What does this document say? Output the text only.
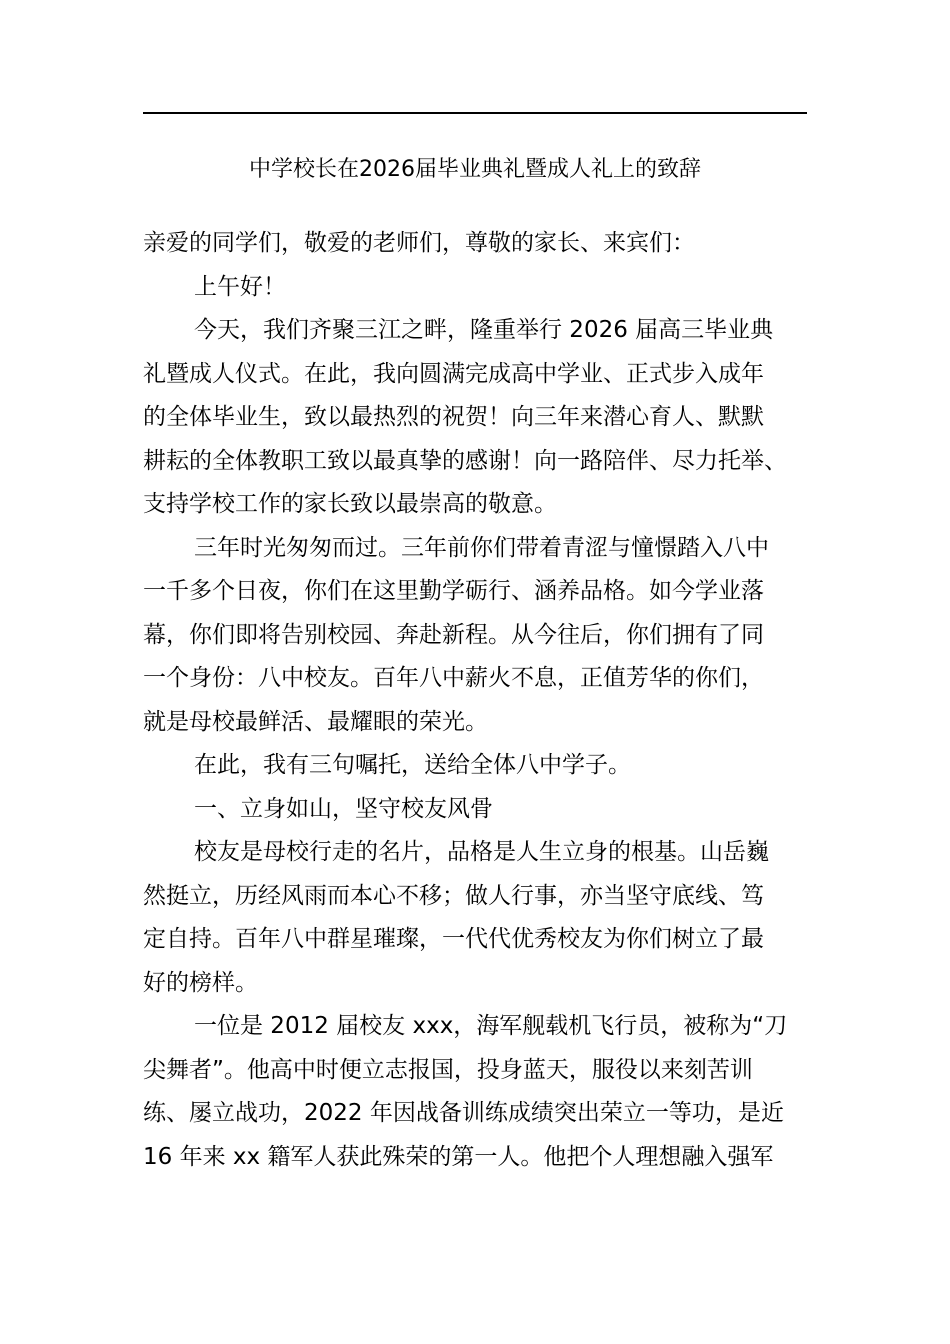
中学校长在2026届毕业典礼暨成人礼上的致辞

亲爱的同学们，敬爱的老师们，尊敬的家长、来宾们：

上午好！

今天，我们齐聚三江之畔，隆重举行 2026 届高三毕业典
礼暨成人仪式。在此，我向圆满完成高中学业、正式步入成年
的全体毕业生，致以最热烈的祝贺！向三年来潜心育人、默默
耕耘的全体教职工致以最真挚的感谢！向一路陪伴、尽力托举、
支持学校工作的家长致以最崇高的敬意。

三年时光匆匆而过。三年前你们带着青涩与憧憬踏入八中
一千多个日夜，你们在这里勤学砺行、涵养品格。如今学业落
幕，你们即将告别校园、奔赴新程。从今往后，你们拥有了同
一个身份：八中校友。百年八中薪火不息，正值芳华的你们，
就是母校最鲜活、最耀眼的荣光。

在此，我有三句嘱托，送给全体八中学子。

一、立身如山，坚守校友风骨

校友是母校行走的名片，品格是人生立身的根基。山岳巍
然挺立，历经风雨而本心不移；做人行事，亦当坚守底线、笃
定自持。百年八中群星璀璨，一代代优秀校友为你们树立了最
好的榜样。

一位是 2012 届校友 xxx，海军舰载机飞行员，被称为“刀
尖舞者”。他高中时便立志报国，投身蓝天，服役以来刻苦训
练、屡立战功，2022 年因战备训练成绩突出荣立一等功，是近
16 年来 xx 籍军人获此殊荣的第一人。他把个人理想融入强军
